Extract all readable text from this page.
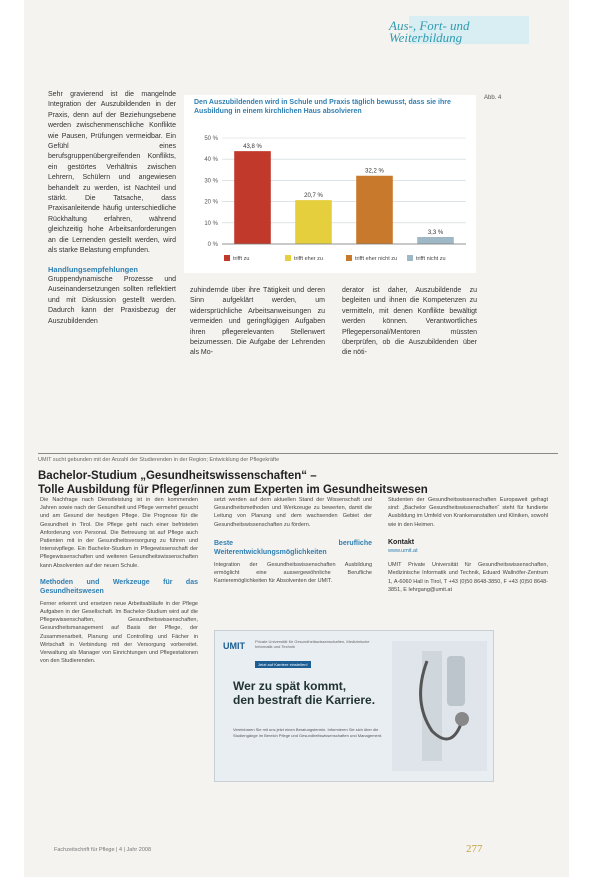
Aus-, Fort- und
Weiterbildung

Sehr gravierend ist die mangelnde Integration der Auszubildenden in der Praxis, denn auf der Beziehungsebene werden zwischenmenschliche Konflikte wie Pausen, Prüfungen vermeidbar. Ein Gefühl eines berufsgruppenübergreifenden Konflikts, ein gestörtes Verhältnis zwischen Lehrern, Schülern und angewiesen behandelt zu werden, ist Nachteil und stärkt. Die Tatsache, dass Praxisanleitende häufig unterschiedliche Rückhaltung erfahren, während gleichzeitig hohe Arbeitsanforderungen an die Lernenden gestellt werden, wird als starke Belastung empfunden.

Handlungsempfehlungen

Gruppendynamische Prozesse und Auseinandersetzungen sollten reflektiert und mit Diskussion gestellt werden. Dadurch kann der Praxisbezug der Auszubildenden

Den Auszubildenden wird in Schule und Praxis täglich bewusst, dass sie ihre Ausbildung in einem kirchlichen Haus absolvieren
Abb. 4
0 %
10 %
20 %
30 %
40 %
50 %
43,8 %
trifft zu
20,7 %
trifft eher zu
32,2 %
trifft eher nicht zu
3,3 %
trifft nicht zu

zuhindernde über ihre Tätigkeit und deren Sinn aufgeklärt werden, um widersprüchliche Arbeitsanweisungen zu vermeiden und geringfügigen Aufgaben ihren pflegerelevanten Stellenwert beizumessen. Die Aufgabe der Lehrenden als Mo-

derator ist daher, Auszubildende zu begleiten und ihnen die Kompetenzen zu vermitteln, mit denen Konflikte bewältigt werden können. Verantwortliches Pflegepersonal/Mentoren müssten überprüfen, ob die Auszubildenden über die nöti-

UMIT sucht gebunden mit der Anzahl der Studierenden in der Region; Entwicklung der Pflegekräfte
Bachelor-Studium „Gesundheitswissenschaften“ –
Tolle Ausbildung für Pfleger/innen zum Experten im Gesundheitswesen
Die Nachfrage nach Dienstleistung ist in den kommenden Jahren sowie nach der Gesundheit und Pflege vermehrt gesucht und am Gesund der heutigen Pflege. Die Prognose für die Gesundheit in Tirol. Die Pflege geht nach einer befristeten Anforderung von Personal. Die Betreuung ist auf Pflege auch Patienten mit in der Gesundheitsversorgung zu führen und Intensivpflege. Ein Bachelor-Studium in Pflegewissenschaft der Pflegewissenschaften und weiteren Gesundheitswissenschaften kann Absolventen auf der neuen Schule.
Methoden und Werkzeuge für das Gesundheitswesen
Ferner erkennt und ersetzen neue Arbeitsabläufe in der Pflege Aufgaben in der Gesellschaft. Im Bachelor-Studium wird auf die Pflegewissenschaften, Gesundheitswissenschaften, Gesundheitsmanagement auf Basis der Pflege, der Zusammenarbeit, Planung und Controlling und Fächer in Wirtschaft in Verbindung mit der Versorgung vorbereitet. Verwaltung als Manager von Einrichtungen und Pflegestationen von den Studierenden.
setzt werden auf dem aktuellen Stand der Wissenschaft und Gesundheitsmethoden und Werkzeuge zu bewerten, damit die Leitung von Planung und dem wachsenden Gebiet der Gesundheitswissenschaften zu fördern.
Beste berufliche Weiterentwicklungsmöglichkeiten
Integration der Gesundheitswissenschaften Ausbildung ermöglicht eine aussergewöhnliche Berufliche Karrieremöglichkeiten für Absolventen der UMIT.
Studenten der Gesundheitswissenschaften Europaweit gefragt sind: „Bachelor Gesundheitswissenschaften“ steht für fundierte Ausbildung im Umfeld von Krankenanstalten und Kliniken, sowohl wie in den Heimen.
Kontakt
www.umit.at
UMIT Private Universität für Gesundheitswissenschaften, Medizinische Informatik und Technik, Eduard Wallnöfer-Zentrum 1, A-6060 Hall in Tirol, T +43 (0)50 8648-3850, F +43 (0)50 8648-3851, E lehrgang@umit.at
UMIT	Private Universität für Gesundheitswissenschaften, Medizinische Informatik und Technik
Jetzt auf Karriere einstellen!
Wer zu spät kommt,
den bestraft die Karriere.
Vereinbaren Sie mit uns jetzt einen Beratungstermin. Informieren Sie sich über die Studiengänge im Bereich Pflege und Gesundheitswissenschaften und Management.
Fachzeitschrift für Pflege | 4 | Jahr 2008	277
